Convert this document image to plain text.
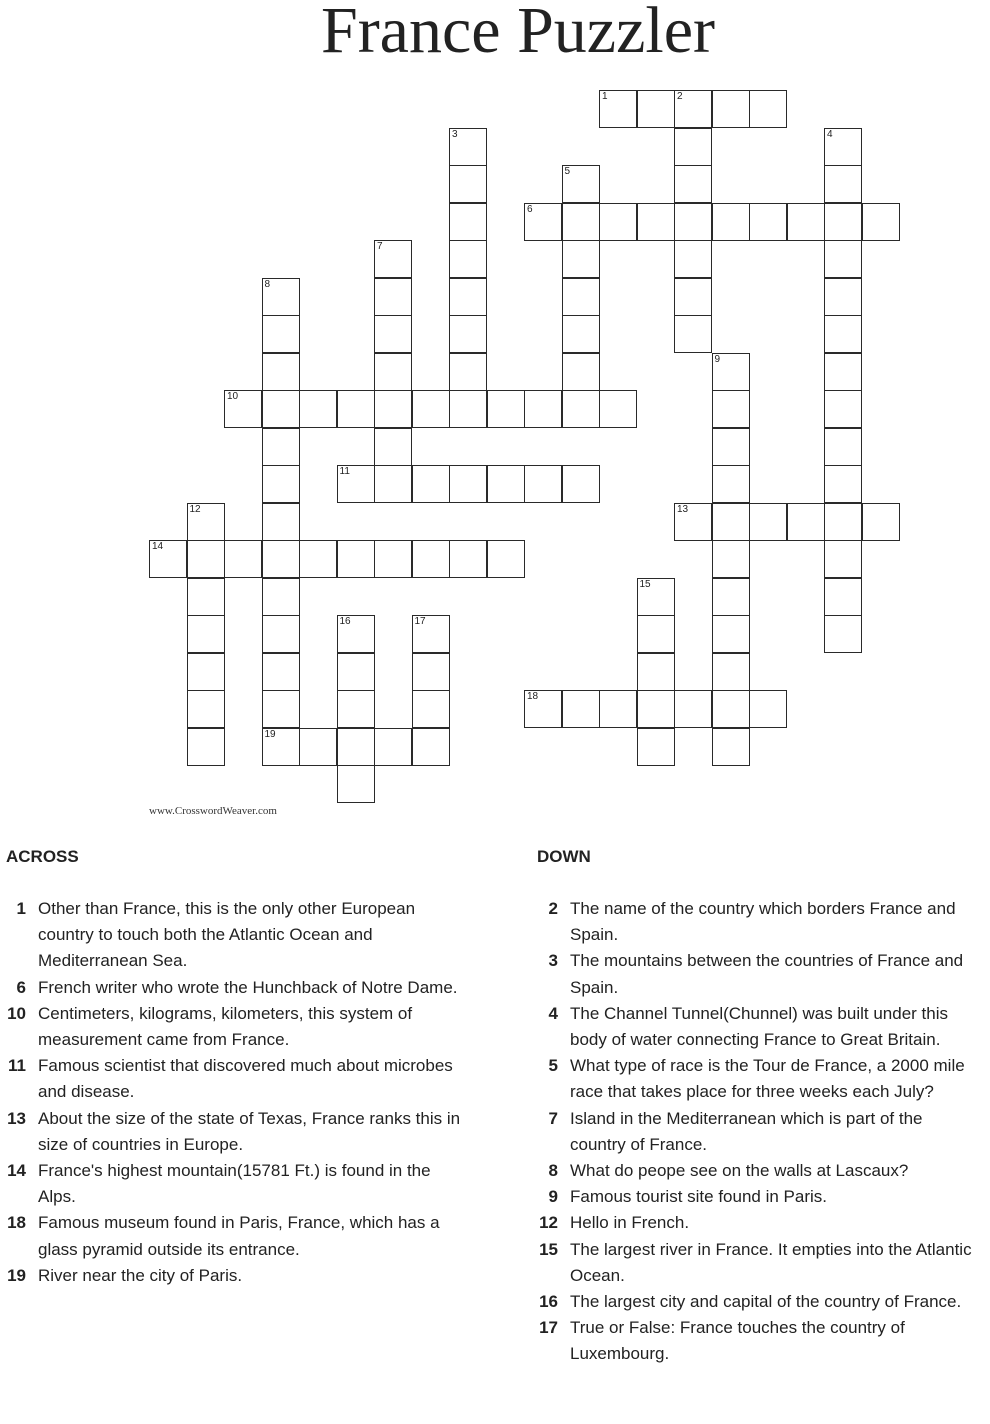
France Puzzler
1	2
3	4
5
6
7
8
19
9
10
11
12	13
14
15
16	17
18
www.CrosswordWeaver.com
ACROSS	DOWN
1 Other than France, this is the only other European country to touch both the Atlantic Ocean and Mediterranean Sea.
6 French writer who wrote the Hunchback of Notre Dame.
10 Centimeters, kilograms, kilometers, this system of measurement came from France.
11 Famous scientist that discovered much about microbes and disease.
13 About the size of the state of Texas, France ranks this in size of countries in Europe.
14 France's highest mountain(15781 Ft.) is found in the Alps.
18 Famous museum found in Paris, France, which has a glass pyramid outside its entrance.
19 River near the city of Paris.
2 The name of the country which borders France and Spain.
3 The mountains between the countries of France and Spain.
4 The Channel Tunnel(Chunnel) was built under this body of water connecting France to Great Britain.
5 What type of race is the Tour de France, a 2000 mile race that takes place for three weeks each July?
7 Island in the Mediterranean which is part of the country of France.
8 What do peope see on the walls at Lascaux?
9 Famous tourist site found in Paris.
12 Hello in French.
15 The largest river in France. It empties into the Atlantic Ocean.
16 The largest city and capital of the country of France.
17 True or False: France touches the country of Luxembourg.
